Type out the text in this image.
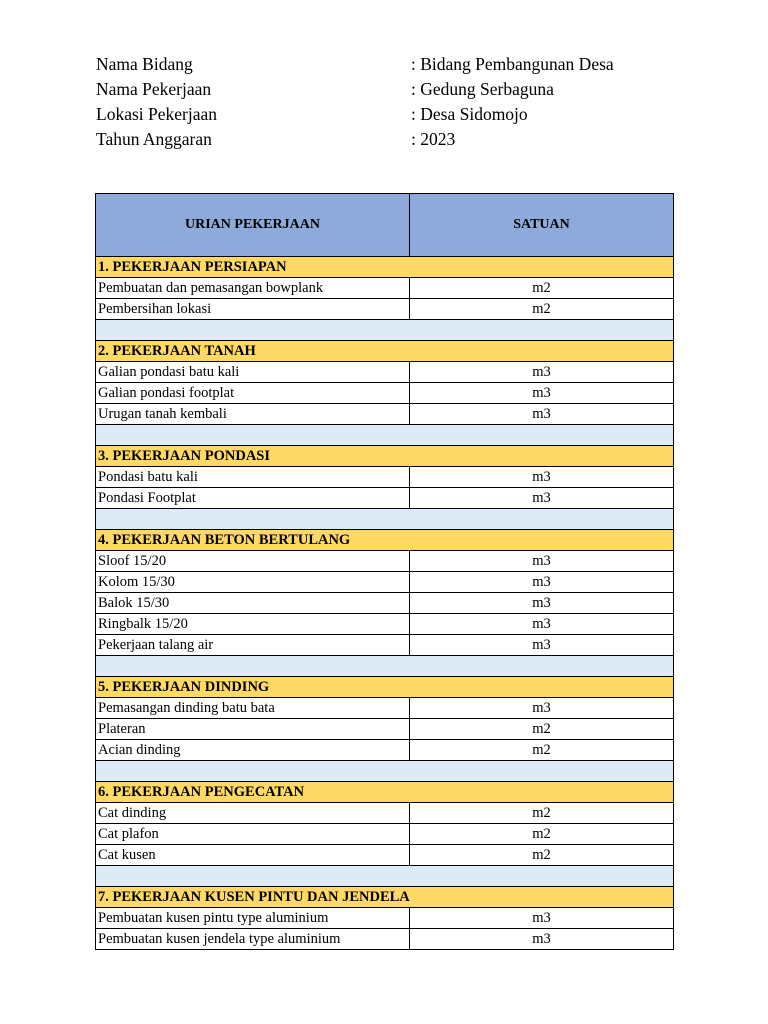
Nama Bidang	: Bidang Pembangunan Desa
Nama Pekerjaan	: Gedung Serbaguna
Lokasi Pekerjaan	: Desa Sidomojo
Tahun Anggaran	: 2023
URIAN PEKERJAAN	SATUAN
1. PEKERJAAN PERSIAPAN	
Pembuatan dan pemasangan bowplank	m2
Pembersihan lokasi	m2

2. PEKERJAAN TANAH	
Galian pondasi batu kali	m3
Galian pondasi footplat	m3
Urugan tanah kembali	m3

3. PEKERJAAN PONDASI	
Pondasi batu kali	m3
Pondasi Footplat	m3

4. PEKERJAAN BETON BERTULANG	
Sloof 15/20	m3
Kolom 15/30	m3
Balok 15/30	m3
Ringbalk 15/20	m3
Pekerjaan talang air	m3

5. PEKERJAAN DINDING	
Pemasangan dinding batu bata	m3
Plateran	m2
Acian dinding	m2

6. PEKERJAAN PENGECATAN	
Cat dinding	m2
Cat plafon	m2
Cat kusen	m2

7. PEKERJAAN KUSEN PINTU DAN JENDELA	
Pembuatan kusen pintu type aluminium	m3
Pembuatan kusen jendela type aluminium	m3
